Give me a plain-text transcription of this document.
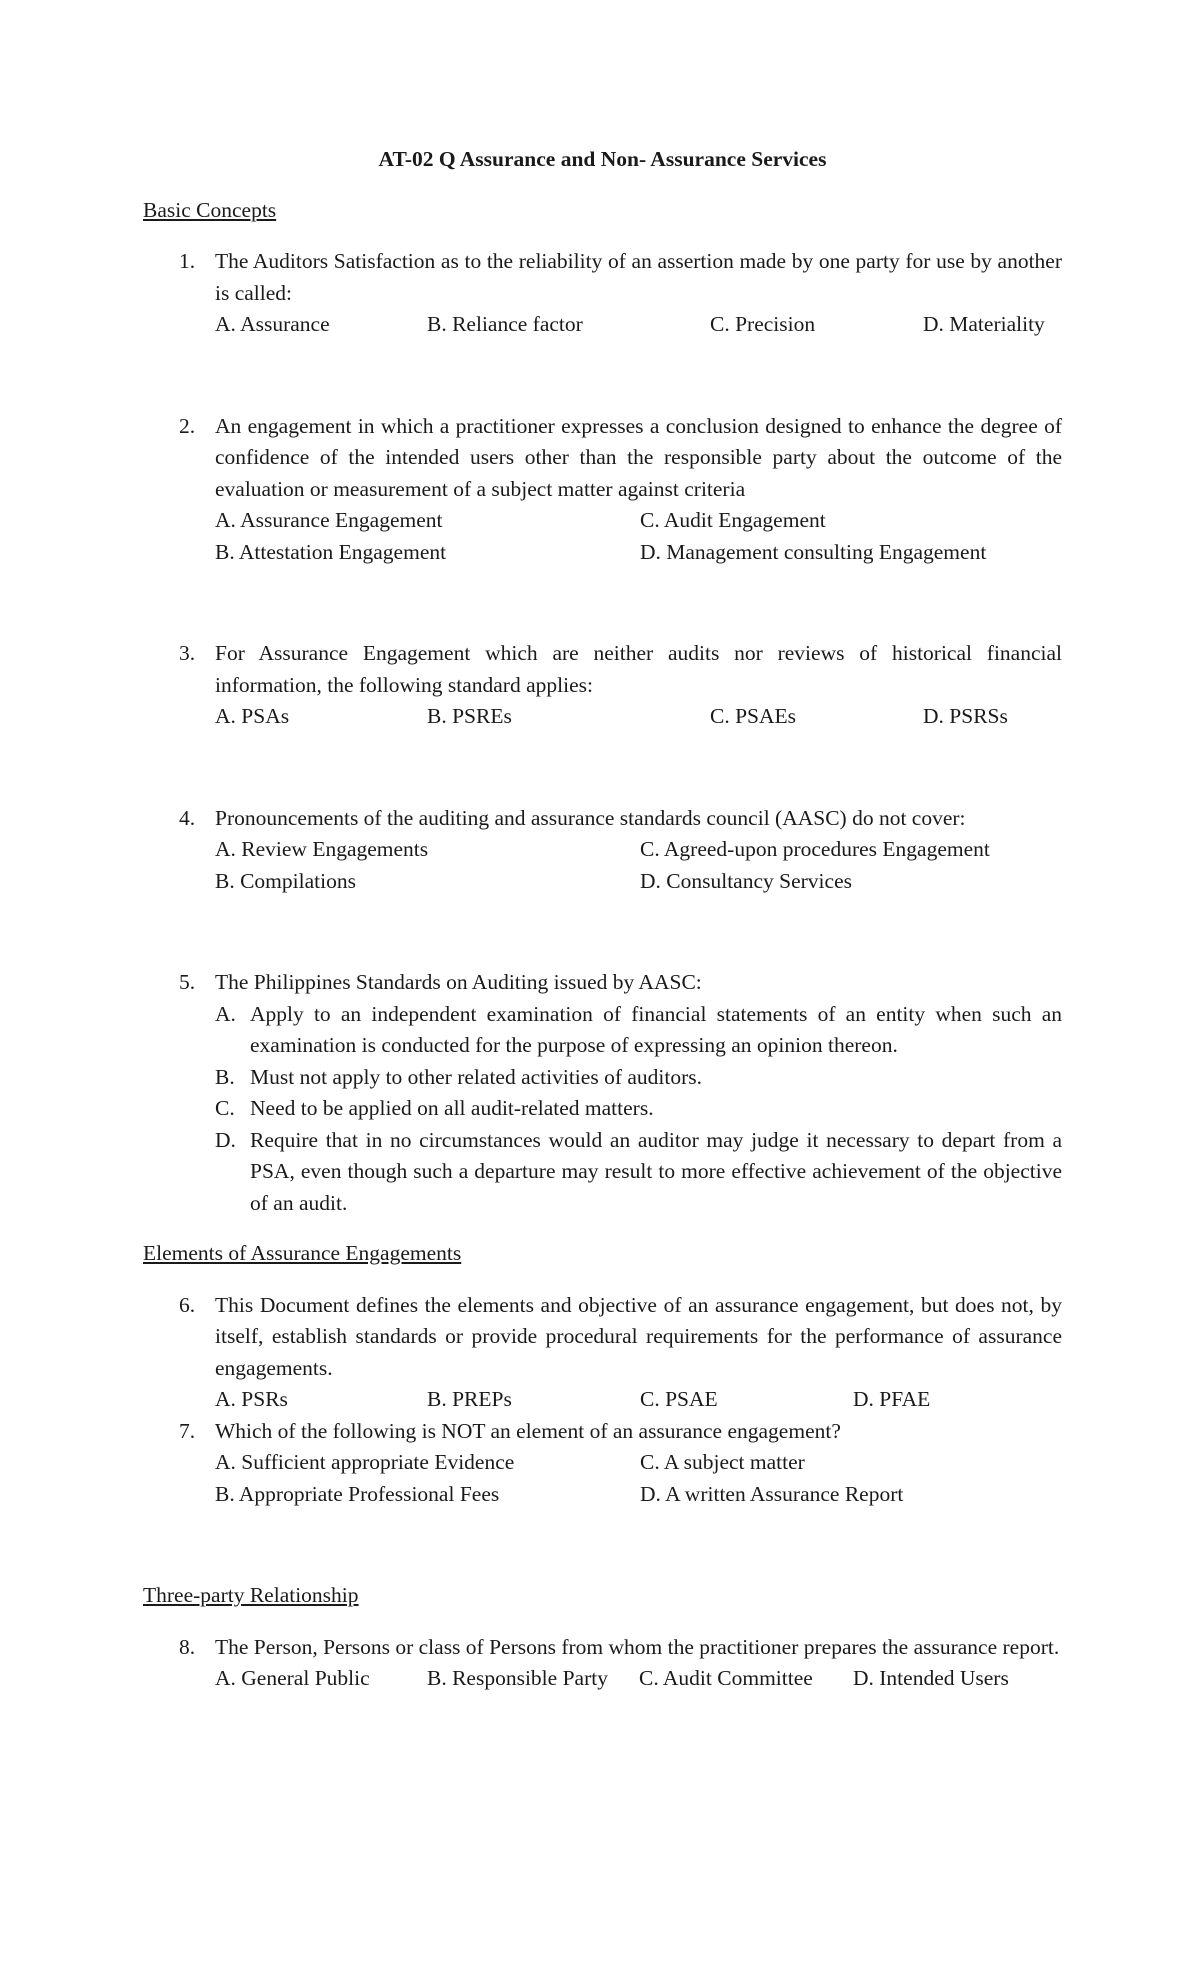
AT-02 Q Assurance and Non- Assurance Services
Basic Concepts
1. The Auditors Satisfaction as to the reliability of an assertion made by one party for use by another is called:
A. Assurance	B. Reliance factor	C. Precision	D. Materiality
2. An engagement in which a practitioner expresses a conclusion designed to enhance the degree of confidence of the intended users other than the responsible party about the outcome of the evaluation or measurement of a subject matter against criteria
A. Assurance Engagement	C. Audit Engagement
B. Attestation Engagement	D. Management consulting Engagement
3. For Assurance Engagement which are neither audits nor reviews of historical financial information, the following standard applies:
A. PSAs	B. PSREs	C. PSAEs	D. PSRSs
4. Pronouncements of the auditing and assurance standards council (AASC) do not cover:
A. Review Engagements	C. Agreed-upon procedures Engagement
B. Compilations	D. Consultancy Services
5. The Philippines Standards on Auditing issued by AASC:
A. Apply to an independent examination of financial statements of an entity when such an examination is conducted for the purpose of expressing an opinion thereon.
B. Must not apply to other related activities of auditors.
C. Need to be applied on all audit-related matters.
D. Require that in no circumstances would an auditor may judge it necessary to depart from a PSA, even though such a departure may result to more effective achievement of the objective of an audit.
Elements of Assurance Engagements
6. This Document defines the elements and objective of an assurance engagement, but does not, by itself, establish standards or provide procedural requirements for the performance of assurance engagements.
A. PSRs	B. PREPs	C. PSAE	D. PFAE
7. Which of the following is NOT an element of an assurance engagement?
A. Sufficient appropriate Evidence	C. A subject matter
B. Appropriate Professional Fees	D. A written Assurance Report
Three-party Relationship
8. The Person, Persons or class of Persons from whom the practitioner prepares the assurance report.
A. General Public	B. Responsible Party	C. Audit Committee	D. Intended Users
